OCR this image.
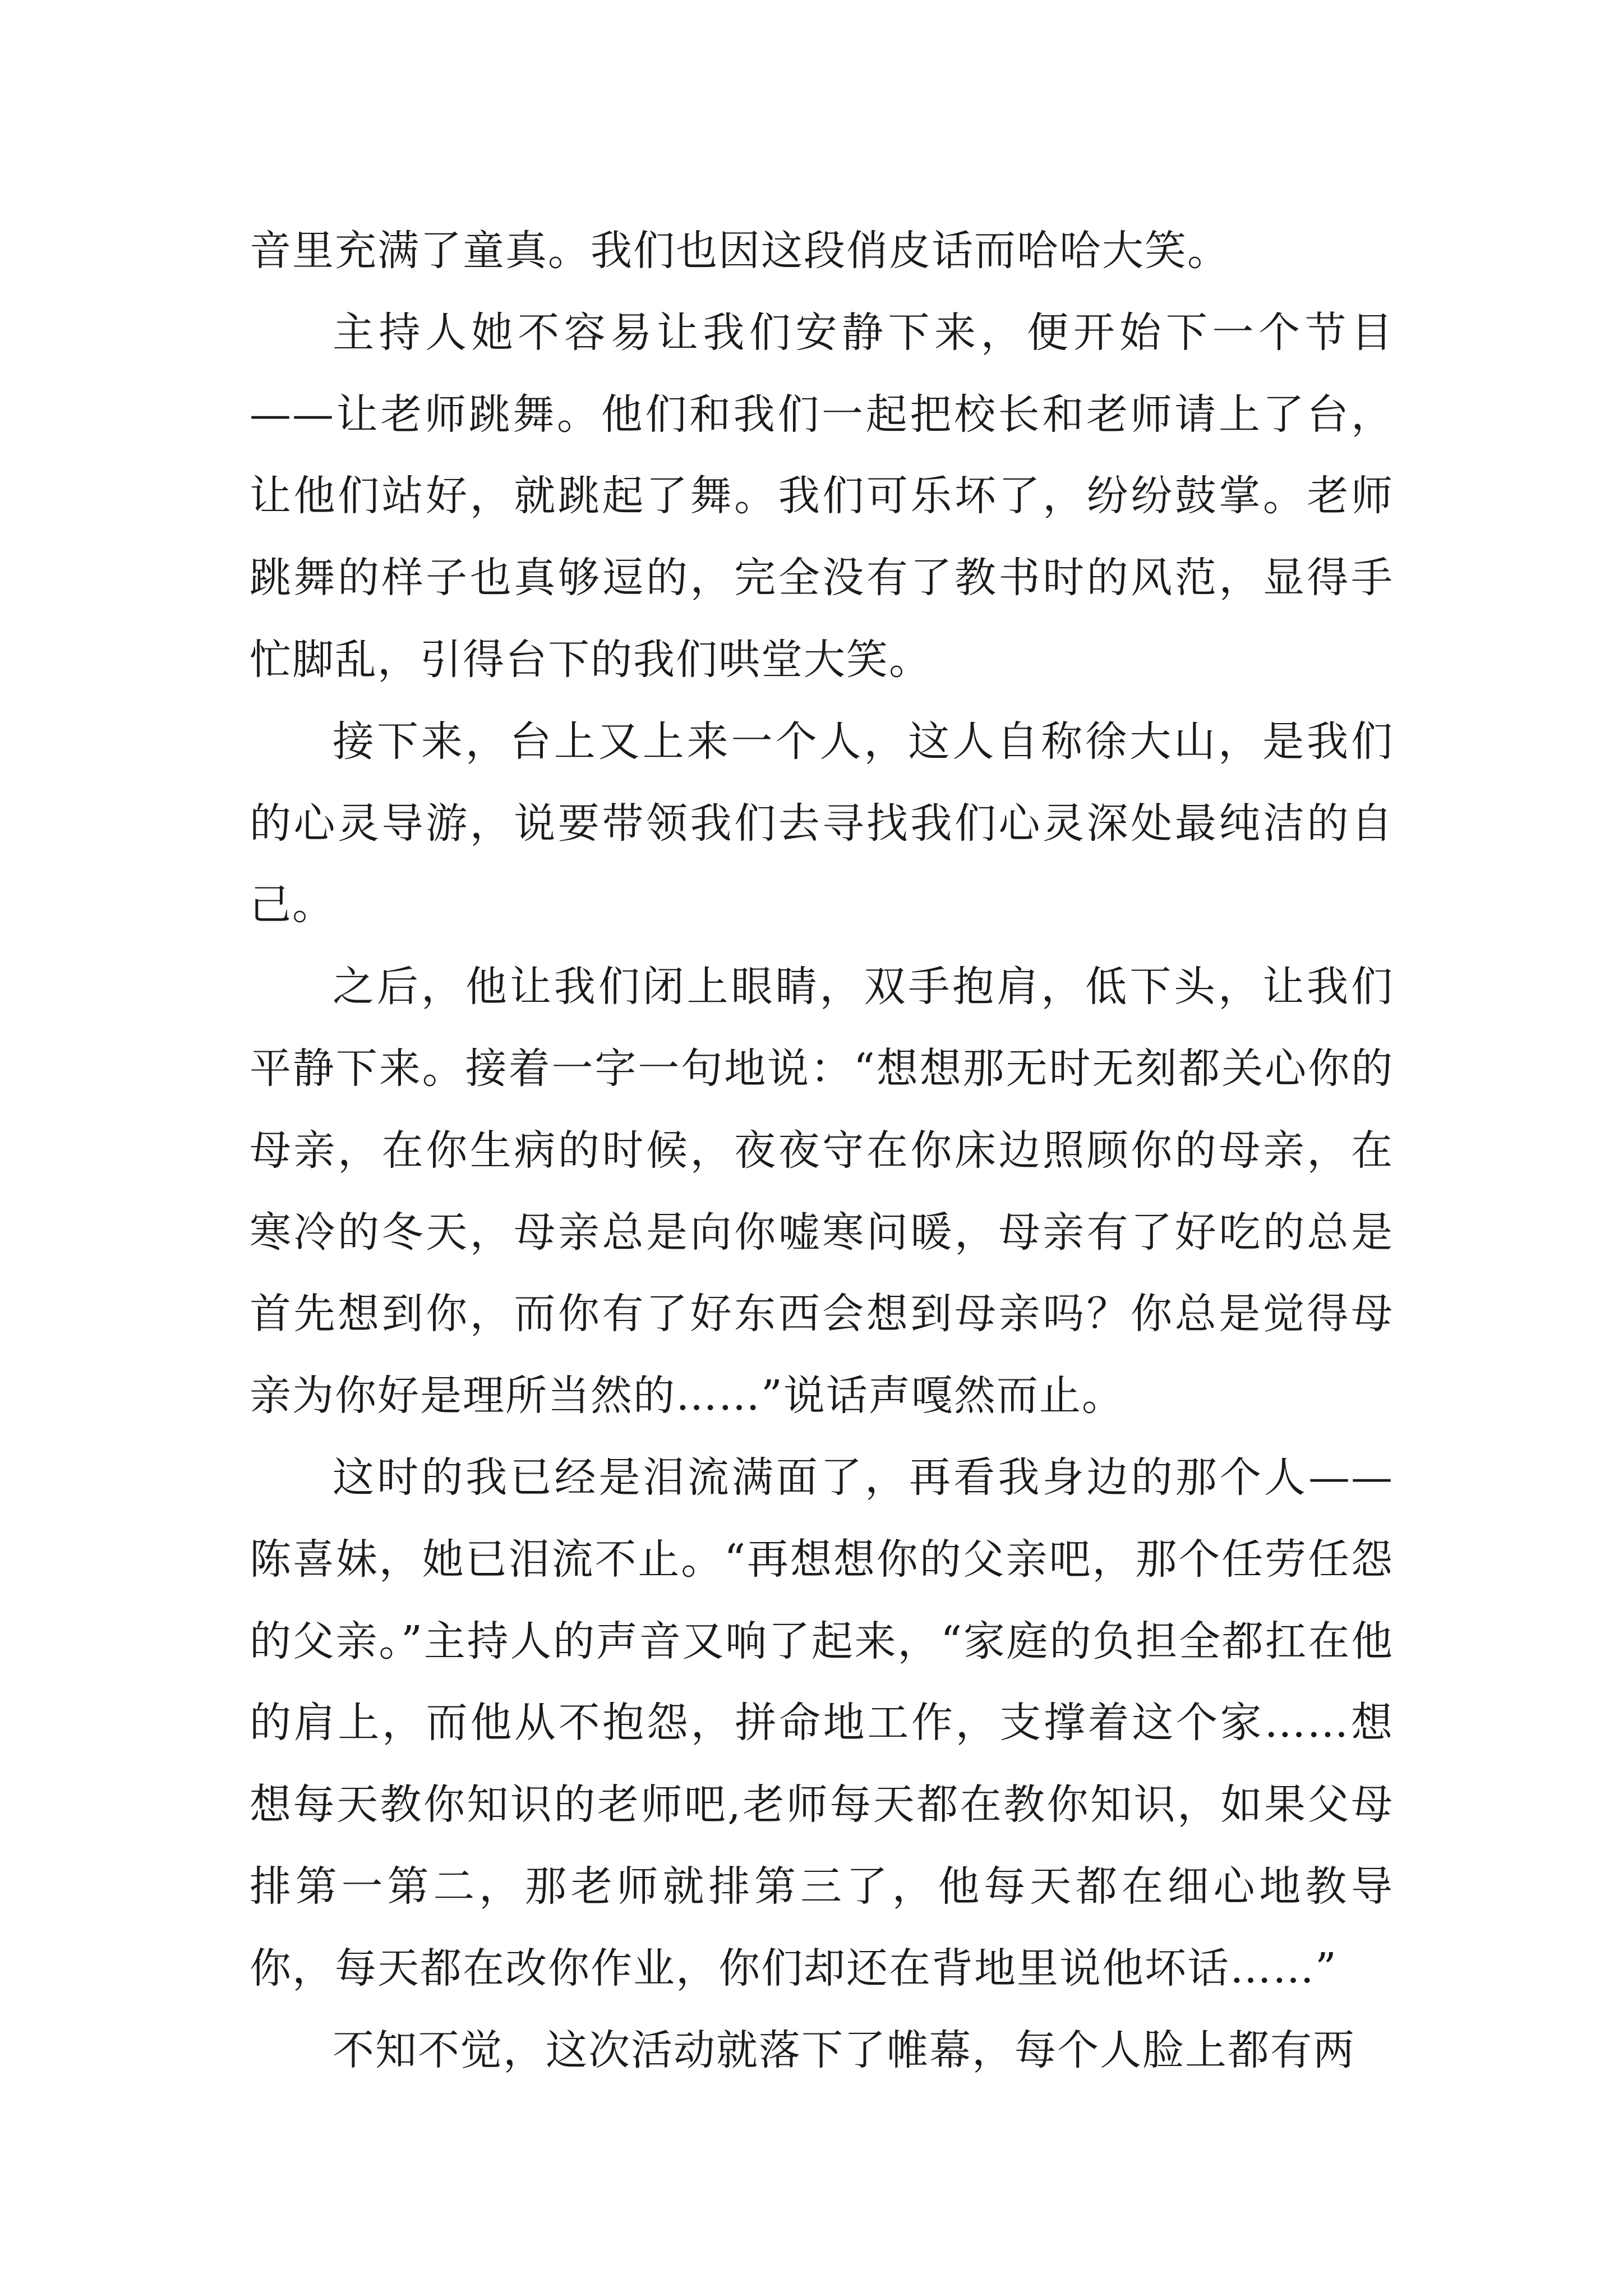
音里充满了童真。我们也因这段俏皮话而哈哈大笑。

主持人她不容易让我们安静下来，便开始下一个节目——让老师跳舞。他们和我们一起把校长和老师请上了台，让他们站好，就跳起了舞。我们可乐坏了，纷纷鼓掌。老师跳舞的样子也真够逗的，完全没有了教书时的风范，显得手忙脚乱，引得台下的我们哄堂大笑。

接下来，台上又上来一个人，这人自称徐大山，是我们的心灵导游，说要带领我们去寻找我们心灵深处最纯洁的自己。

之后，他让我们闭上眼睛，双手抱肩，低下头，让我们平静下来。接着一字一句地说：“想想那无时无刻都关心你的母亲，在你生病的时候，夜夜守在你床边照顾你的母亲，在寒冷的冬天，母亲总是向你嘘寒问暖，母亲有了好吃的总是首先想到你，而你有了好东西会想到母亲吗？你总是觉得母亲为你好是理所当然的……”说话声嘎然而止。

这时的我已经是泪流满面了，再看我身边的那个人——陈喜妹，她已泪流不止。“再想想你的父亲吧，那个任劳任怨的父亲。”主持人的声音又响了起来，“家庭的负担全都扛在他的肩上，而他从不抱怨，拼命地工作，支撑着这个家……想想每天教你知识的老师吧,老师每天都在教你知识，如果父母排第一第二，那老师就排第三了，他每天都在细心地教导你，每天都在改你作业，你们却还在背地里说他坏话……”

不知不觉，这次活动就落下了帷幕，每个人脸上都有两
